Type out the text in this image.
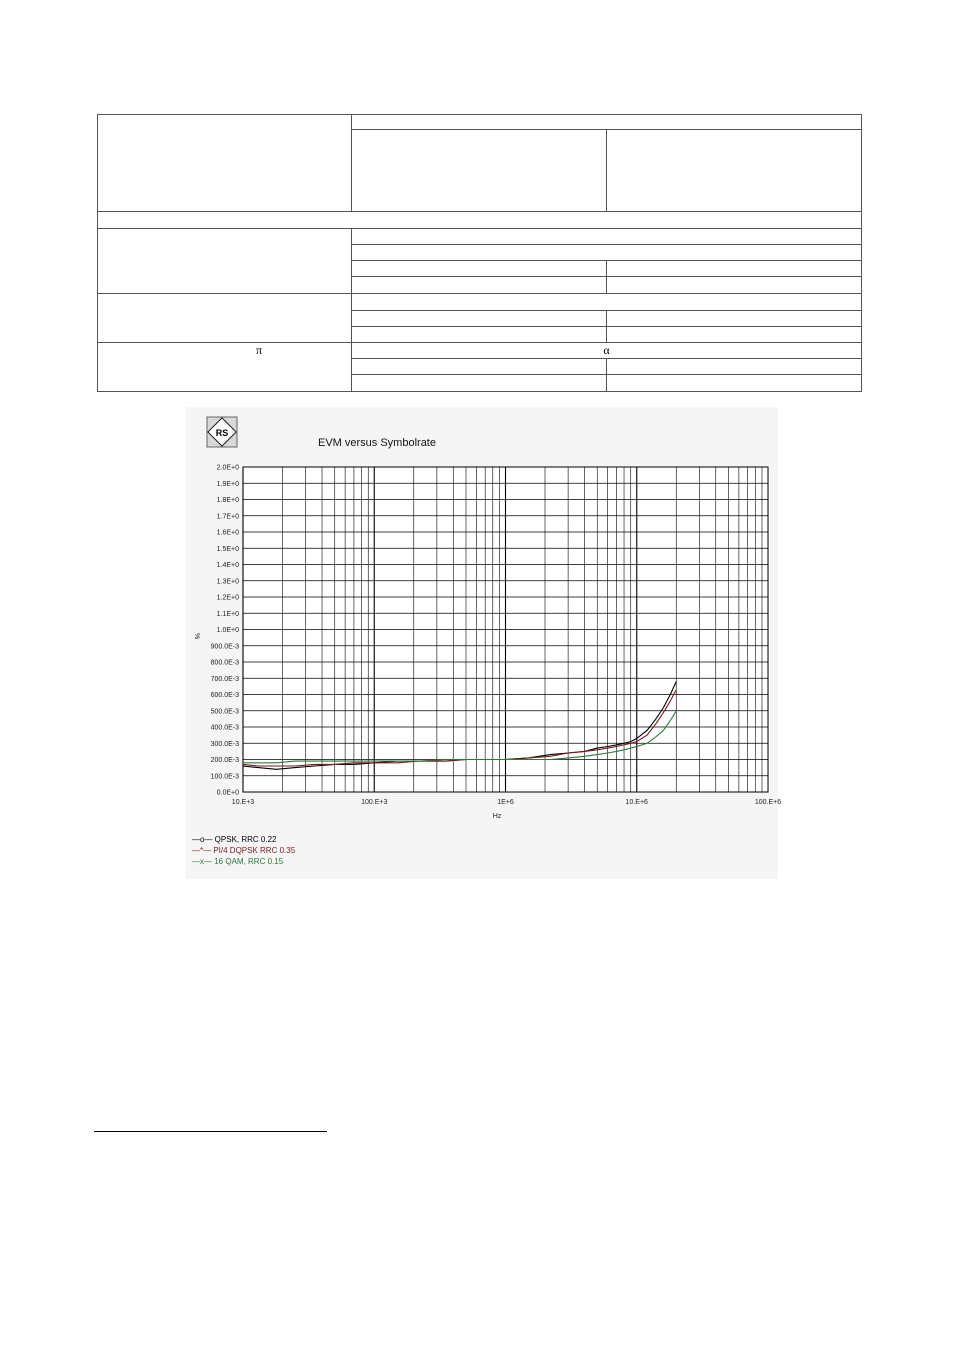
π	α	

RS
EVM versus Symbolrate
0.0E+0
100.0E-3
200.0E-3
300.0E-3
400.0E-3
500.0E-3
600.0E-3
700.0E-3
800.0E-3
900.0E-3
1.0E+0
1.1E+0
1.2E+0
1.3E+0
1.4E+0
1.5E+0
1.6E+0
1.7E+0
1.8E+0
1.9E+0
2.0E+0
10.E+3	100.E+3	1E+6	10.E+6	100.E+6
%
Hz
—o— QPSK, RRC 0.22
—*— PI/4 DQPSK RRC 0.35
—x— 16 QAM, RRC 0.15
